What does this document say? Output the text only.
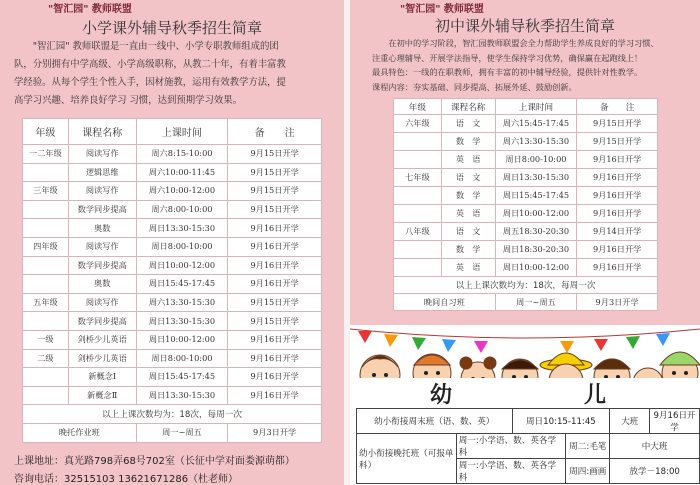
"智汇园" 教师联盟
小学课外辅导秋季招生简章
　　"智汇园" 教师联盟是一直由一线中、小学专职教师组成的团
队，分别拥有中学高级、小学高级职称，从教二十年，有着丰富教
学经验。从每个学生个性入手，因材施教，运用有效教学方法，提
高学习兴趣、培养良好学习 习惯，达到预期学习效果。
年级	课程名称	上课时间	备　　注
一二年级	阅读写作	周六8:15-10:00	9月15日开学
	逻辑思维	周六10:00-11:45	9月15日开学
三年级	阅读写作	周六10:00-12:00	9月15日开学
	数学同步提高	周六8:00-10:00	9月15日开学
	奥数	周日13:30-15:30	9月16日开学
四年级	阅读写作	周日8:00-10:00	9月16日开学
	数学同步提高	周日10:00-12:00	9月16日开学
	奥数	周日15:45-17:45	9月16日开学
五年级	阅读写作	周六13:30-15:30	9月15日开学
	数学同步提高	周日13:30-15:30	9月15日开学
一级	剑桥少儿英语	周日10:00-12:00	9月16日开学
二级	剑桥少儿英语	周日8:00-10:00	9月16日开学
	新概念Ⅰ	周日15:45-17:45	9月16日开学
	新概念Ⅱ	周日13:30-15:30	9月16日开学
以上上课次数均为：18次，每周一次			
晚托作业班		周一~周五	9月3日开学
上课地址：真光路798弄68号702室（长征中学对面娄源萌都）
咨询电话：32515103 13621671286（杜老师）
"智汇园" 教师联盟
初中课外辅导秋季招生简章
　　在初中的学习阶段，智汇园教师联盟会全力帮助学生养成良好的学习习惯、
注重心理辅导、开展学法指导，使学生保持学习优势，确保赢在起跑线上！
最具特色：一线的在职教师，拥有丰富的初中辅导经验，提供针对性教学。
课程内容：夯实基础、同步提高、拓展外延、鼓励创新。
年级	课程名称	上课时间	备　　注
六年级	语　文	周六15:45-17:45	9月15日开学
	数　学	周六13:30-15:30	9月15日开学
	英　语	周日8:00-10:00	9月16日开学
七年级	语　文	周日13:30-15:30	9月16日开学
	数　学	周日15:45-17:45	9月16日开学
	英　语	周日10:00-12:00	9月16日开学
八年级	语　文	周五18:30-20:30	9月14日开学
	数　学	周日18:30-20:30	9月16日开学
	英　语	周日10:00-12:00	9月16日开学
以上上课次数均为：18次，每周一次			
晚间自习班		周一~周五	9月3日开学
幼	儿
幼小衔接周末班（语、数、英）		周日10:15-11:45		大班	9月16日开学
幼小衔接晚托班（可报单科）	周一:小学语、数、英各学科		周二:毛笔	中大班	
	周一:小学语、数、英各学科		周四:画画	放学－18:00	
